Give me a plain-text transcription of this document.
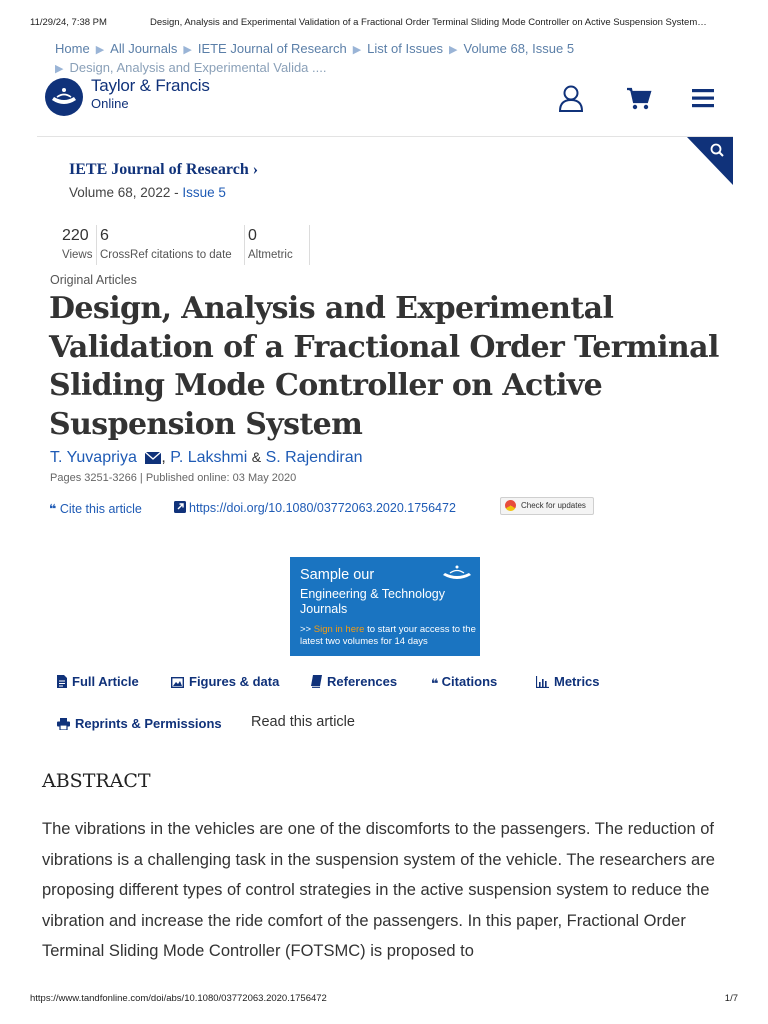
11/29/24, 7:38 PM	Design, Analysis and Experimental Validation of a Fractional Order Terminal Sliding Mode Controller on Active Suspension System…
Home ▶ All Journals ▶ IETE Journal of Research ▶ List of Issues ▶ Volume 68, Issue 5
▶ Design, Analysis and Experimental Valida ....
Taylor & Francis
Online
IETE Journal of Research ›
Volume 68, 2022 - Issue 5
220
Views
6
CrossRef citations to date
0
Altmetric
Original Articles
Design, Analysis and Experimental Validation of a Fractional Order Terminal Sliding Mode Controller on Active Suspension System
T. Yuvapriya , P. Lakshmi & S. Rajendiran
Pages 3251-3266 | Published online: 03 May 2020
❝ Cite this article	https://doi.org/10.1080/03772063.2020.1756472	Check for updates
Sample our
Engineering & Technology Journals
>> Sign in here to start your access to the latest two volumes for 14 days
Full Article	Figures & data	References	❝ Citations	Metrics
Reprints & Permissions Read this article
ABSTRACT
The vibrations in the vehicles are one of the discomforts to the passengers. The reduction of vibrations is a challenging task in the suspension system of the vehicle. The researchers are proposing different types of control strategies in the active suspension system to reduce the vibration and increase the ride comfort of the passengers. In this paper, Fractional Order Terminal Sliding Mode Controller (FOTSMC) is proposed to
https://www.tandfonline.com/doi/abs/10.1080/03772063.2020.1756472	1/7
